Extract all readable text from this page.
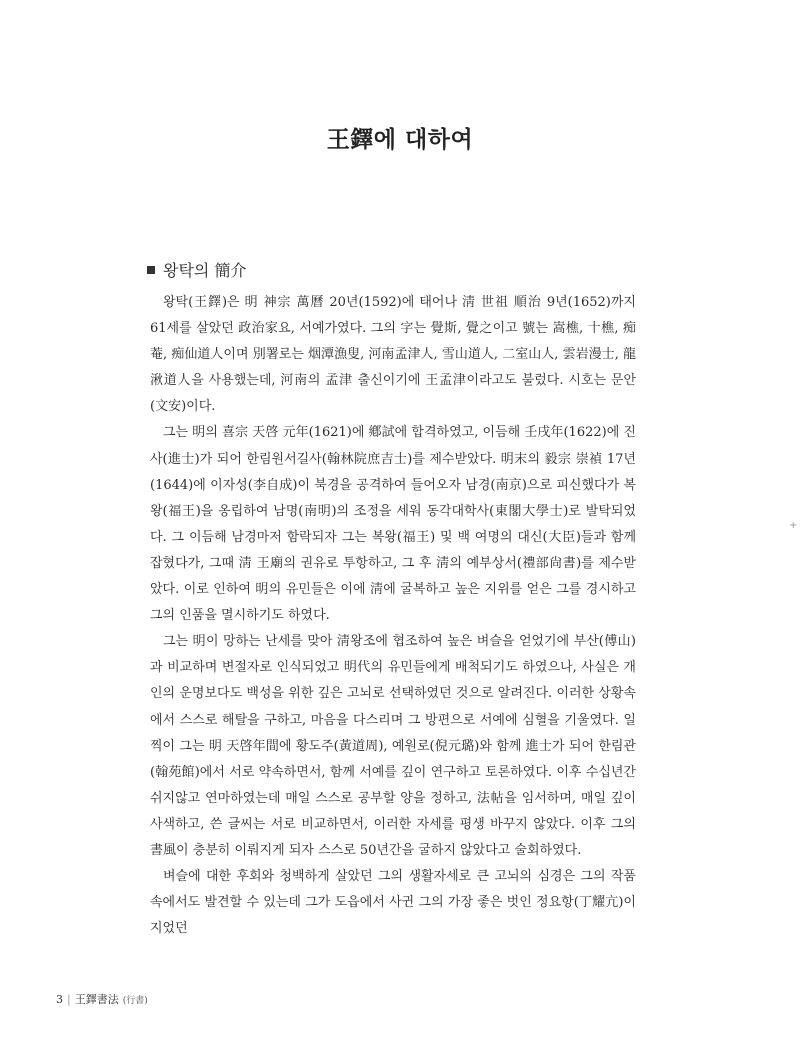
王鐸에 대하여
왕탁의 簡介

왕탁(王鐸)은 明 神宗 萬曆 20년(1592)에 태어나 淸 世祖 順治 9년(1652)까지 61세를 살았던 政治家요, 서예가였다. 그의 字는 覺斯, 覺之이고 號는 嵩樵, 十樵, 痴菴, 痴仙道人이며 別署로는 烟潭漁叟, 河南孟津人, 雪山道人, 二室山人, 雲岩漫士, 龍湫道人을 사용했는데, 河南의 孟津 출신이기에 王孟津이라고도 불렀다. 시호는 문안(文安)이다.

그는 明의 喜宗 天啓 元年(1621)에 鄕試에 합격하였고, 이듬해 壬戌年(1622)에 진사(進士)가 되어 한림원서길사(翰林院庶吉士)를 제수받았다. 明末의 毅宗 崇禎 17년(1644)에 이자성(李自成)이 북경을 공격하여 들어오자 남경(南京)으로 피신했다가 복왕(福王)을 옹립하여 남명(南明)의 조정을 세워 동각대학사(東閣大學士)로 발탁되었다. 그 이듬해 남경마저 함락되자 그는 복왕(福王) 및 백 여명의 대신(大臣)들과 함께 잡혔다가, 그때 淸 王廟의 권유로 투항하고, 그 후 淸의 예부상서(禮部尙書)를 제수받았다. 이로 인하여 明의 유민들은 이에 淸에 굴복하고 높은 지위를 얻은 그를 경시하고 그의 인품을 멸시하기도 하였다.

그는 明이 망하는 난세를 맞아 淸왕조에 협조하여 높은 벼슬을 얻었기에 부산(傅山)과 비교하며 변절자로 인식되었고 明代의 유민들에게 배척되기도 하였으나, 사실은 개인의 운명보다도 백성을 위한 깊은 고뇌로 선택하였던 것으로 알려진다. 이러한 상황속에서 스스로 해탈을 구하고, 마음을 다스리며 그 방편으로 서예에 심혈을 기울였다. 일찍이 그는 明 天啓年間에 황도주(黃道周), 예원로(倪元璐)와 함께 進士가 되어 한림관(翰苑館)에서 서로 약속하면서, 함께 서예를 깊이 연구하고 토론하였다. 이후 수십년간 쉬지않고 연마하였는데 매일 스스로 공부할 양을 정하고, 法帖을 임서하며, 매일 깊이 사색하고, 쓴 글씨는 서로 비교하면서, 이러한 자세를 평생 바꾸지 않았다. 이후 그의 書風이 충분히 이뤄지게 되자 스스로 50년간을 굴하지 않았다고 술회하였다.

벼슬에 대한 후회와 청백하게 살았던 그의 생활자세로 큰 고뇌의 심경은 그의 작품 속에서도 발견할 수 있는데 그가 도읍에서 사귄 그의 가장 좋은 벗인 정요항(丁耀亢)이 지었던

+
3 | 王鐸書法 (行書)
